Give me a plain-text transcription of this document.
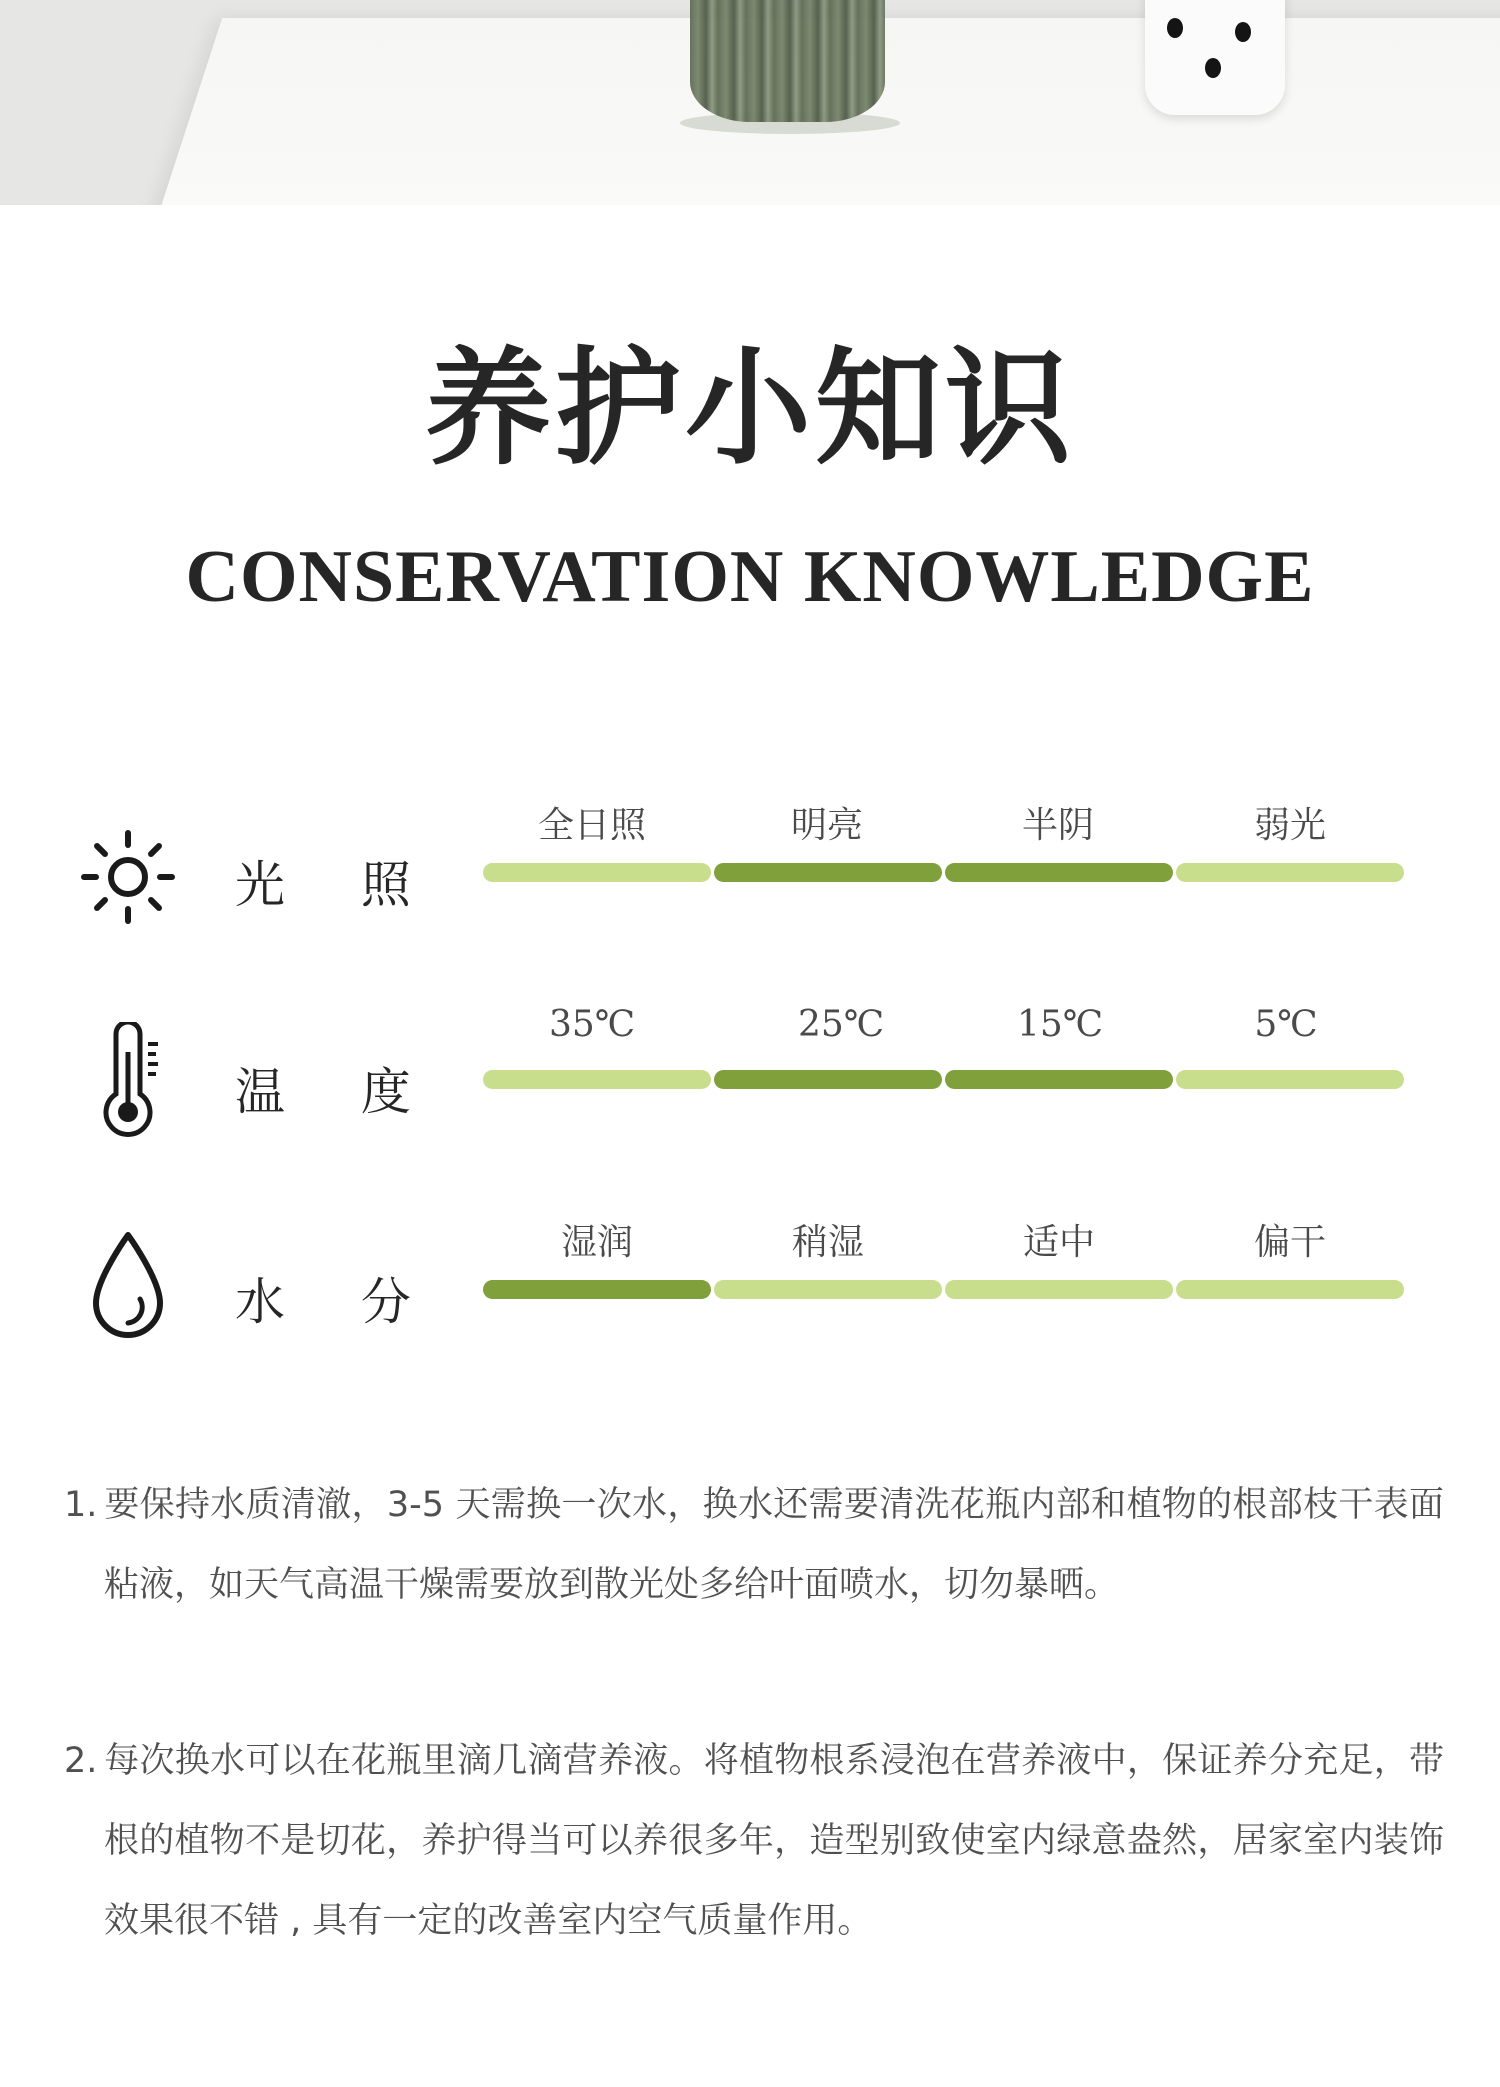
养护小知识
CONSERVATION KNOWLEDGE
光 照
全日照	明亮	半阴	弱光
温 度
35℃	25℃	15℃	5℃
水 分
湿润	稍湿	适中	偏干
1. 要保持水质清澈，3-5 天需换一次水，换水还需要清洗花瓶内部和植物的根部枝干表面粘液，如天气高温干燥需要放到散光处多给叶面喷水，切勿暴晒。
2. 每次换水可以在花瓶里滴几滴营养液。将植物根系浸泡在营养液中，保证养分充足，带根的植物不是切花，养护得当可以养很多年，造型别致使室内绿意盎然，居家室内装饰效果很不错 , 具有一定的改善室内空气质量作用。
